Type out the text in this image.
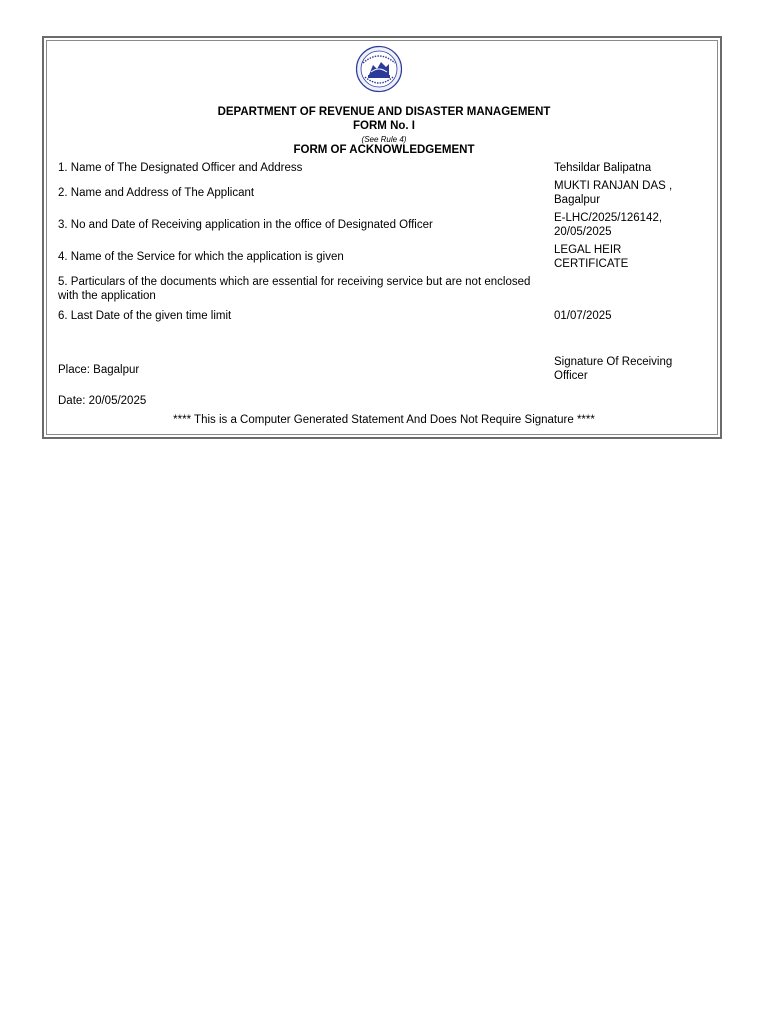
DEPARTMENT OF REVENUE AND DISASTER MANAGEMENT
FORM No. I
(See Rule 4)
FORM OF ACKNOWLEDGEMENT
1. Name of The Designated Officer and Address	Tehsildar Balipatna
2. Name and Address of The Applicant
MUKTI RANJAN DAS ,
Bagalpur
3. No and Date of Receiving application in the office of Designated Officer
E-LHC/2025/126142,
20/05/2025
4. Name of the Service for which the application is given
LEGAL HEIR
CERTIFICATE
5. Particulars of the documents which are essential for receiving service but are not enclosed
with the application
6. Last Date of the given time limit	01/07/2025
Signature Of Receiving
Officer
Place: Bagalpur
Date: 20/05/2025
**** This is a Computer Generated Statement And Does Not Require Signature ****
